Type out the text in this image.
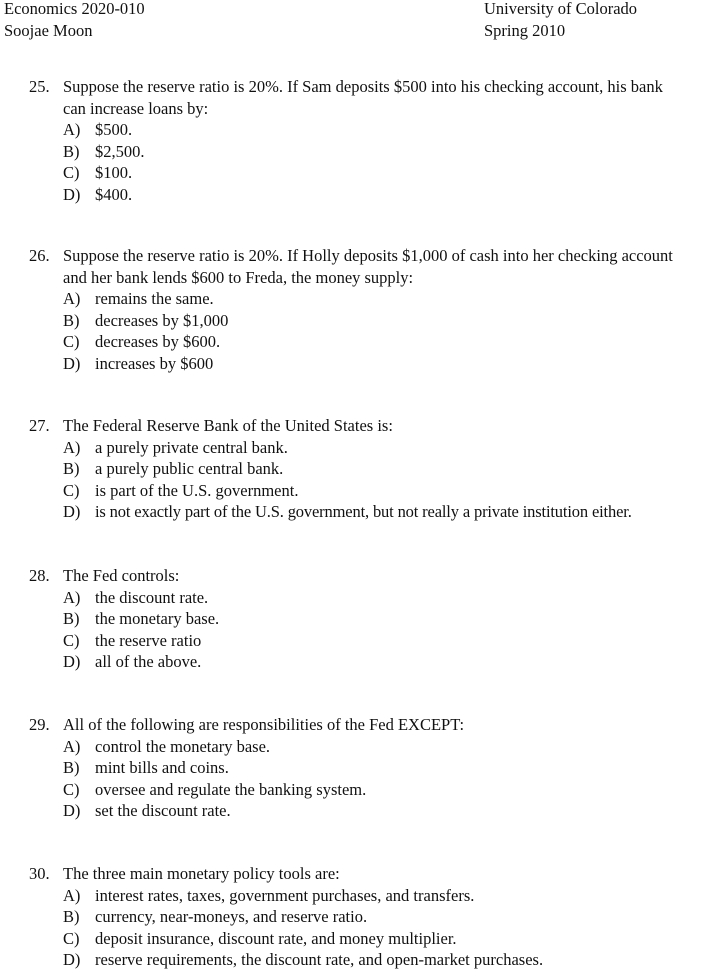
Economics 2020-010
Soojae Moon
University of Colorado
Spring 2010
25. Suppose the reserve ratio is 20%. If Sam deposits $500 into his checking account, his bank can increase loans by:
A) $500.
B) $2,500.
C) $100.
D) $400.
26. Suppose the reserve ratio is 20%. If Holly deposits $1,000 of cash into her checking account and her bank lends $600 to Freda, the money supply:
A) remains the same.
B) decreases by $1,000
C) decreases by $600.
D) increases by $600
27. The Federal Reserve Bank of the United States is:
A) a purely private central bank.
B) a purely public central bank.
C) is part of the U.S. government.
D) is not exactly part of the U.S. government, but not really a private institution either.
28. The Fed controls:
A) the discount rate.
B) the monetary base.
C) the reserve ratio
D) all of the above.
29. All of the following are responsibilities of the Fed EXCEPT:
A) control the monetary base.
B) mint bills and coins.
C) oversee and regulate the banking system.
D) set the discount rate.
30. The three main monetary policy tools are:
A) interest rates, taxes, government purchases, and transfers.
B) currency, near-moneys, and reserve ratio.
C) deposit insurance, discount rate, and money multiplier.
D) reserve requirements, the discount rate, and open-market purchases.
